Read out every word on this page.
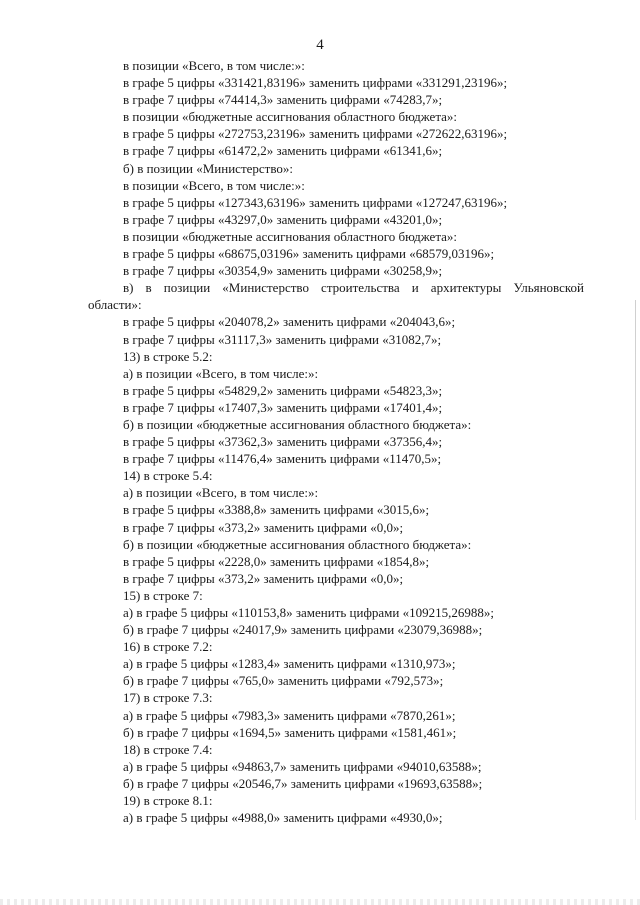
4
в позиции «Всего, в том числе:»:
в графе 5 цифры «331421,83196» заменить цифрами «331291,23196»;
в графе 7 цифры «74414,3» заменить цифрами «74283,7»;
в позиции «бюджетные ассигнования областного бюджета»:
в графе 5 цифры «272753,23196» заменить цифрами «272622,63196»;
в графе 7 цифры «61472,2» заменить цифрами «61341,6»;
б) в позиции «Министерство»:
в позиции «Всего, в том числе:»:
в графе 5 цифры «127343,63196» заменить цифрами «127247,63196»;
в графе 7 цифры «43297,0» заменить цифрами «43201,0»;
в позиции «бюджетные ассигнования областного бюджета»:
в графе 5 цифры «68675,03196» заменить цифрами «68579,03196»;
в графе 7 цифры «30354,9» заменить цифрами «30258,9»;
в) в позиции «Министерство строительства и архитектуры Ульяновской
области»:
в графе 5 цифры «204078,2» заменить цифрами «204043,6»;
в графе 7 цифры «31117,3» заменить цифрами «31082,7»;
13) в строке 5.2:
а) в позиции «Всего, в том числе:»:
в графе 5 цифры «54829,2» заменить цифрами «54823,3»;
в графе 7 цифры «17407,3» заменить цифрами «17401,4»;
б) в позиции «бюджетные ассигнования областного бюджета»:
в графе 5 цифры «37362,3» заменить цифрами «37356,4»;
в графе 7 цифры «11476,4» заменить цифрами «11470,5»;
14) в строке 5.4:
а) в позиции «Всего, в том числе:»:
в графе 5 цифры «3388,8» заменить цифрами «3015,6»;
в графе 7 цифры «373,2» заменить цифрами «0,0»;
б) в позиции «бюджетные ассигнования областного бюджета»:
в графе 5 цифры «2228,0» заменить цифрами «1854,8»;
в графе 7 цифры «373,2» заменить цифрами «0,0»;
15) в строке 7:
а) в графе 5 цифры «110153,8» заменить цифрами «109215,26988»;
б) в графе 7 цифры «24017,9» заменить цифрами «23079,36988»;
16) в строке 7.2:
а) в графе 5 цифры «1283,4» заменить цифрами «1310,973»;
б) в графе 7 цифры «765,0» заменить цифрами «792,573»;
17) в строке 7.3:
а) в графе 5 цифры «7983,3» заменить цифрами «7870,261»;
б) в графе 7 цифры «1694,5» заменить цифрами «1581,461»;
18) в строке 7.4:
а) в графе 5 цифры «94863,7» заменить цифрами «94010,63588»;
б) в графе 7 цифры «20546,7» заменить цифрами «19693,63588»;
19) в строке 8.1:
а) в графе 5 цифры «4988,0» заменить цифрами «4930,0»;
